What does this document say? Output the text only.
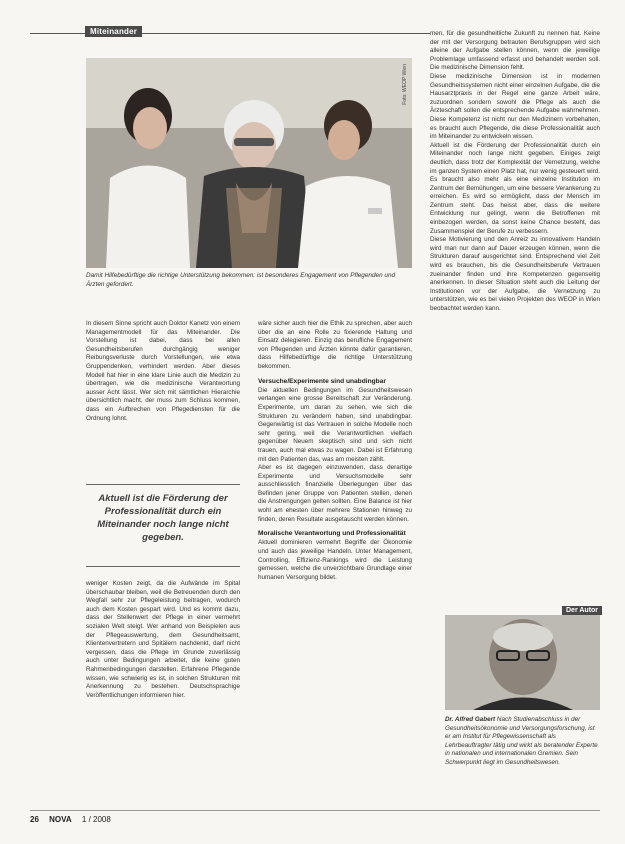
Miteinander
Foto: WEOP Wien
Damit Hilfebedürftige die richtige Unterstützung bekommen: ist besonderes Engagement von Pflegenden und Ärzten gefordert.

In diesem Sinne spricht auch Doktor Kanetz von einem Managementmodell für das Miteinander. Die Vorstellung ist dabei, dass bei allen Gesundheitsberufen durchgängig weniger Reibungsverluste durch Vorstellungen, wie etwa Gruppendenken, verhindert werden. Aber dieses Modell hat hier in eine klare Linie auch die Medizin zu übertragen, wie die medizinische Verantwortung ausser Acht lässt. Wer sich mit sämtlichen Hierarchie übersichtlich macht, der muss zum Schluss kommen, dass ein Aufbrechen von Pflegediensten für die Ordnung lohnt.

Aktuell ist die Förderung der Professionalität durch ein Miteinander noch lange nicht gegeben.

weniger Kosten zeigt, da die Aufwände im Spital überschaubar bleiben, weil die Betreuenden durch den Wegfall sehr zur Pflegeleistung beitragen, wodurch auch dem Kosten gespart wird. Und es kommt dazu, dass der Stellenwert der Pflege in einer vermehrt sozialen Welt steigt. Wer anhand von Beispielen aus der Pflegeauswertung, dem Gesundheitsamt, Klientenvertretern und Spitälern nachdenkt, darf nicht vergessen, dass die Pflege im Grunde zuverlässig auch unter Bedingungen arbeitet, die keine guten Rahmenbedingungen darstellen. Erfahrene Pflegende wissen, wie schwierig es ist, in solchen Strukturen mit Anerkennung zu bestehen. Deutschsprachige Veröffentlichungen informieren hier.

wäre sicher auch hier die Ethik zu sprechen, aber auch über die an eine Rolle zu fixierende Haltung und Einsatz delegieren. Einzig das berufliche Engagement von Pflegenden und Ärzten könnte dafür garantieren, dass Hilfebedürftige die richtige Unterstützung bekommen.

Versuche/Experimente sind unabdingbar

Die aktuellen Bedingungen im Gesundheitswesen verlangen eine grosse Bereitschaft zur Veränderung. Experimente, um daran zu sehen, wie sich die Strukturen zu verändern haben, sind unabdingbar. Gegenwärtig ist das Vertrauen in solche Modelle noch sehr gering, weil die Verantwortlichen vielfach gegenüber Neuem skeptisch sind und sich nicht trauen, auch mal etwas zu wagen. Dabei ist Erfahrung mit den Patienten das, was am meisten zählt.

Aber es ist dagegen einzuwenden, dass derartige Experimente und Versuchsmodelle sehr ausschliesslich finanzielle Überlegungen über das Befinden jener Gruppe von Patienten stellen, denen die Anstrengungen gelten sollten. Eine Balance ist hier wohl am ehesten über mehrere Stationen hinweg zu finden, deren Resultate ausgetauscht werden können.

Moralische Verantwortung und Professionalität

Aktuell dominieren vermehrt Begriffe der Ökonomie und auch das jeweilige Handeln. Unter Management, Controlling, Effizienz-Rankings wird die Leistung gemessen, welche die unverzichtbare Grundlage einer humanen Versorgung bildet.

men, für die gesundheitliche Zukunft zu nennen hat. Keine der mit der Versorgung betrauten Berufsgruppen wird sich alleine der Aufgabe stellen können, wenn die jeweilige Problemlage umfassend erfasst und behandelt werden soll. Die medizinische Dimension fehlt.

Diese medizinische Dimension ist in modernen Gesundheitssystemen nicht einer einzelnen Aufgabe, die die Hausarztpraxis in der Regel eine ganze Arbeit wäre, zuzuordnen sondern sowohl die Pflege als auch die Ärzteschaft sollen die entsprechende Aufgabe wahrnehmen. Diese Kompetenz ist nicht nur den Medizinern vorbehalten, es braucht auch Pflegende, die diese Professionalität auch im Miteinander zu entwickeln wissen.

Aktuell ist die Förderung der Professionalität durch ein Miteinander noch lange nicht gegeben. Einiges zeigt deutlich, dass trotz der Komplexität der Vernetzung, welche im ganzen System einen Platz hat, nur wenig gesteuert wird. Es braucht also mehr als eine einzelne Institution im Zentrum der Bemühungen, um eine bessere Verankerung zu erreichen. Es wird so ermöglicht, dass der Mensch im Zentrum steht. Das heisst aber, dass die weitere Entwicklung nur gelingt, wenn die Betroffenen mit einbezogen werden, da sonst keine Chance besteht, das Zusammenspiel der Berufe zu verbessern.

Diese Motivierung und den Anreiz zu innovativem Handeln wird man nur dann auf Dauer erzeugen können, wenn die Strukturen darauf ausgerichtet sind. Entsprechend viel Zeit wird es brauchen, bis die Gesundheitsberufe Vertrauen zueinander finden und ihre Kompetenzen gegenseitig anerkennen. In dieser Situation steht auch die Leitung der Institutionen vor der Aufgabe, die Vernetzung zu unterstützen, wie es bei vielen Projekten des WEOP in Wien beobachtet werden kann.

Der Autor
Dr. Alfred Gabert Nach Studienabschluss in der Gesundheitsökonomie und Versorgungsforschung, ist er am Institut für Pflegewissenschaft als Lehrbeauftragter tätig und wirkt als beratender Experte in nationalen und internationalen Gremien. Sein Schwerpunkt liegt im Gesundheitswesen.
26 NOVA 1 / 2008
